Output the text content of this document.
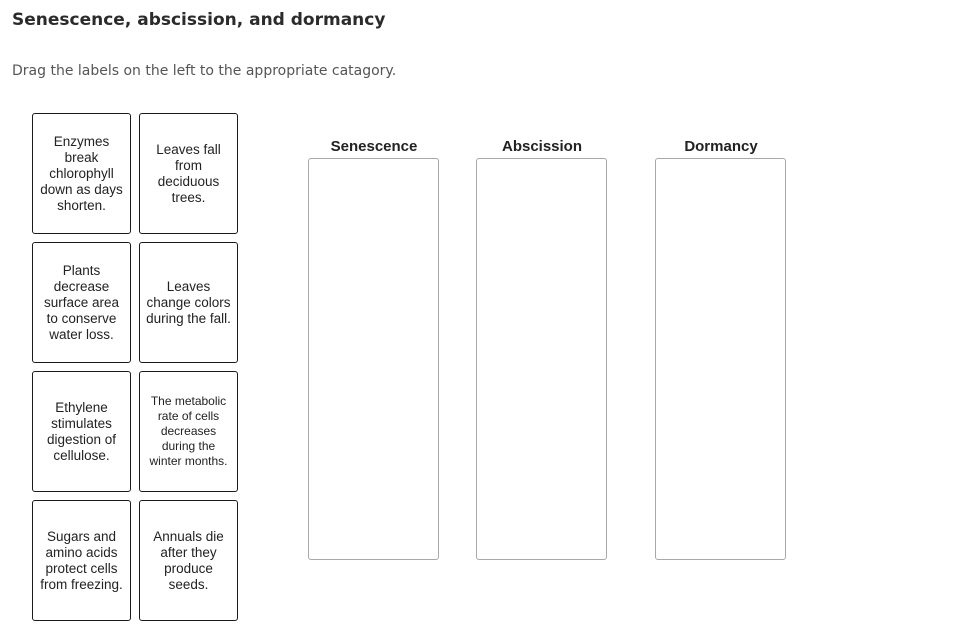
Senescence, abscission, and dormancy
Drag the labels on the left to the appropriate catagory.
Enzymes break chlorophyll down as days shorten.
Leaves fall from deciduous trees.
Plants decrease surface area to conserve water loss.
Leaves change colors during the fall.
Ethylene stimulates digestion of cellulose.
The metabolic rate of cells decreases during the winter months.
Sugars and amino acids protect cells from freezing.
Annuals die after they produce seeds.
Senescence	Abscission	Dormancy
